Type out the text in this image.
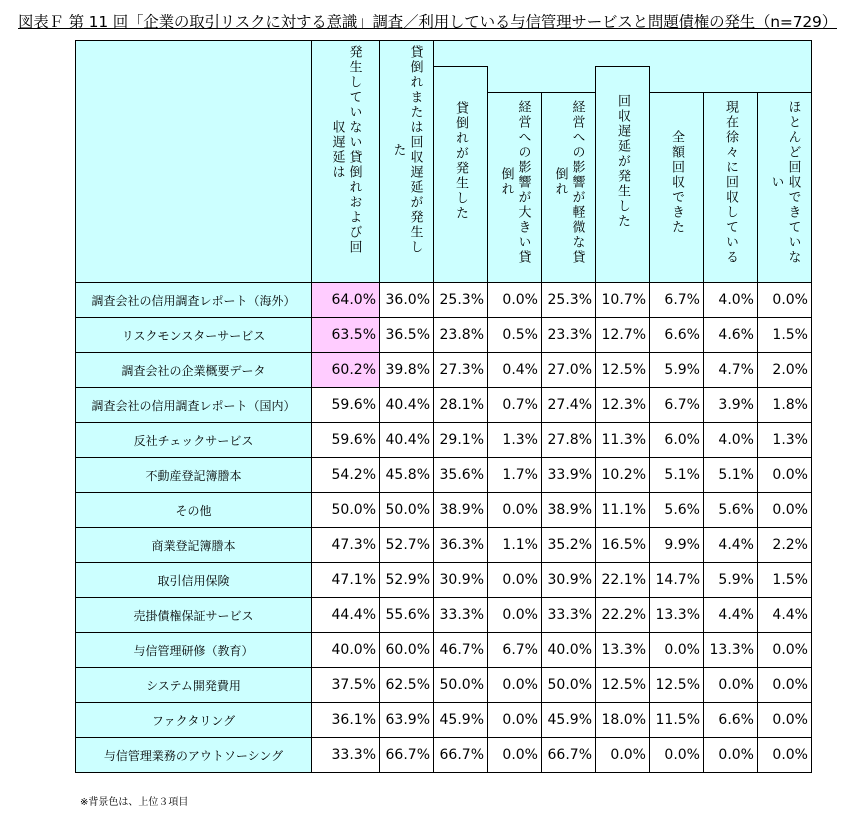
図表Ｆ 第 11 回「企業の取引リスクに対する意識」調査／利用している与信管理サービスと問題債権の発生（n=729）

	発生していない貸倒れおよび回収遅延は	貸倒れまたは回収遅延が発生した							

			貸倒れが発生した			回収遅延が発生した			

				経営への影響が大きい貸倒れ	経営への影響が軽微な貸倒れ		全額回収できた	現在徐々に回収している	ほとんど回収できていない

調査会社の信用調査レポート（海外）	64.0%	36.0%	25.3%	0.0%	25.3%	10.7%	6.7%	4.0%	0.0%
リスクモンスターサービス	63.5%	36.5%	23.8%	0.5%	23.3%	12.7%	6.6%	4.6%	1.5%
調査会社の企業概要データ	60.2%	39.8%	27.3%	0.4%	27.0%	12.5%	5.9%	4.7%	2.0%
調査会社の信用調査レポート（国内）	59.6%	40.4%	28.1%	0.7%	27.4%	12.3%	6.7%	3.9%	1.8%
反社チェックサービス	59.6%	40.4%	29.1%	1.3%	27.8%	11.3%	6.0%	4.0%	1.3%
不動産登記簿謄本	54.2%	45.8%	35.6%	1.7%	33.9%	10.2%	5.1%	5.1%	0.0%
その他	50.0%	50.0%	38.9%	0.0%	38.9%	11.1%	5.6%	5.6%	0.0%
商業登記簿謄本	47.3%	52.7%	36.3%	1.1%	35.2%	16.5%	9.9%	4.4%	2.2%
取引信用保険	47.1%	52.9%	30.9%	0.0%	30.9%	22.1%	14.7%	5.9%	1.5%
売掛債権保証サービス	44.4%	55.6%	33.3%	0.0%	33.3%	22.2%	13.3%	4.4%	4.4%
与信管理研修（教育）	40.0%	60.0%	46.7%	6.7%	40.0%	13.3%	0.0%	13.3%	0.0%
システム開発費用	37.5%	62.5%	50.0%	0.0%	50.0%	12.5%	12.5%	0.0%	0.0%
ファクタリング	36.1%	63.9%	45.9%	0.0%	45.9%	18.0%	11.5%	6.6%	0.0%
与信管理業務のアウトソーシング	33.3%	66.7%	66.7%	0.0%	66.7%	0.0%	0.0%	0.0%	0.0%
※背景色は、上位３項目
